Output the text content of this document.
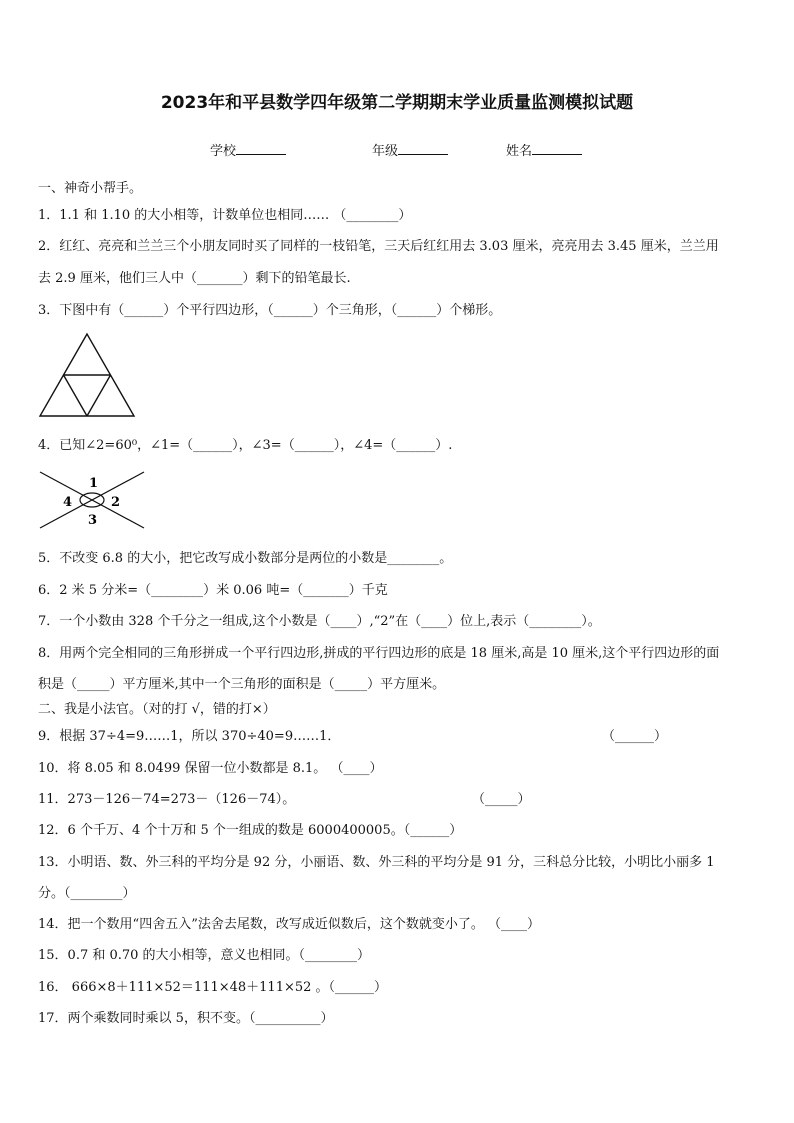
2023年和平县数学四年级第二学期期末学业质量监测模拟试题
学校	年级	姓名
一、神奇小帮手。
1．1.1 和 1.10 的大小相等，计数单位也相同…… （________）
2．红红、亮亮和兰兰三个小朋友同时买了同样的一枝铅笔，三天后红红用去 3.03 厘米，亮亮用去 3.45 厘米，兰兰用
去 2.9 厘米，他们三人中（_______）剩下的铅笔最长.
3．下图中有（______）个平行四边形，（______）个三角形，（______）个梯形。
4．已知∠2=60⁰，∠1=（______），∠3=（______），∠4=（______）.
1
2
3
4
5．不改变 6.8 的大小，把它改写成小数部分是两位的小数是________。
6．2 米 5 分米=（________）米 0.06 吨=（_______）千克
7．一个小数由 328 个千分之一组成,这个小数是（____）,“2”在（____）位上,表示（________）。
8．用两个完全相同的三角形拼成一个平行四边形,拼成的平行四边形的底是 18 厘米,高是 10 厘米,这个平行四边形的面
积是（_____）平方厘米,其中一个三角形的面积是（_____）平方厘米。
二、我是小法官。（对的打 √，错的打×）
9．根据 37÷4=9……1，所以 370÷40=9……1．	（______）
10．将 8.05 和 8.0499 保留一位小数都是 8.1。 （____）
11．273－126－74=273－（126－74）。	（_____）
12．6 个千万、4 个十万和 5 个一组成的数是 6000400005。（______）
13．小明语、数、外三科的平均分是 92 分，小丽语、数、外三科的平均分是 91 分，三科总分比较，小明比小丽多 1
分。（________）
14．把一个数用“四舍五入”法舍去尾数，改写成近似数后，这个数就变小了。 （____）
15．0.7 和 0.70 的大小相等，意义也相同。（________）
16． 666×8＋111×52＝111×48＋111×52 。（______）
17．两个乘数同时乘以 5，积不变。（__________）
